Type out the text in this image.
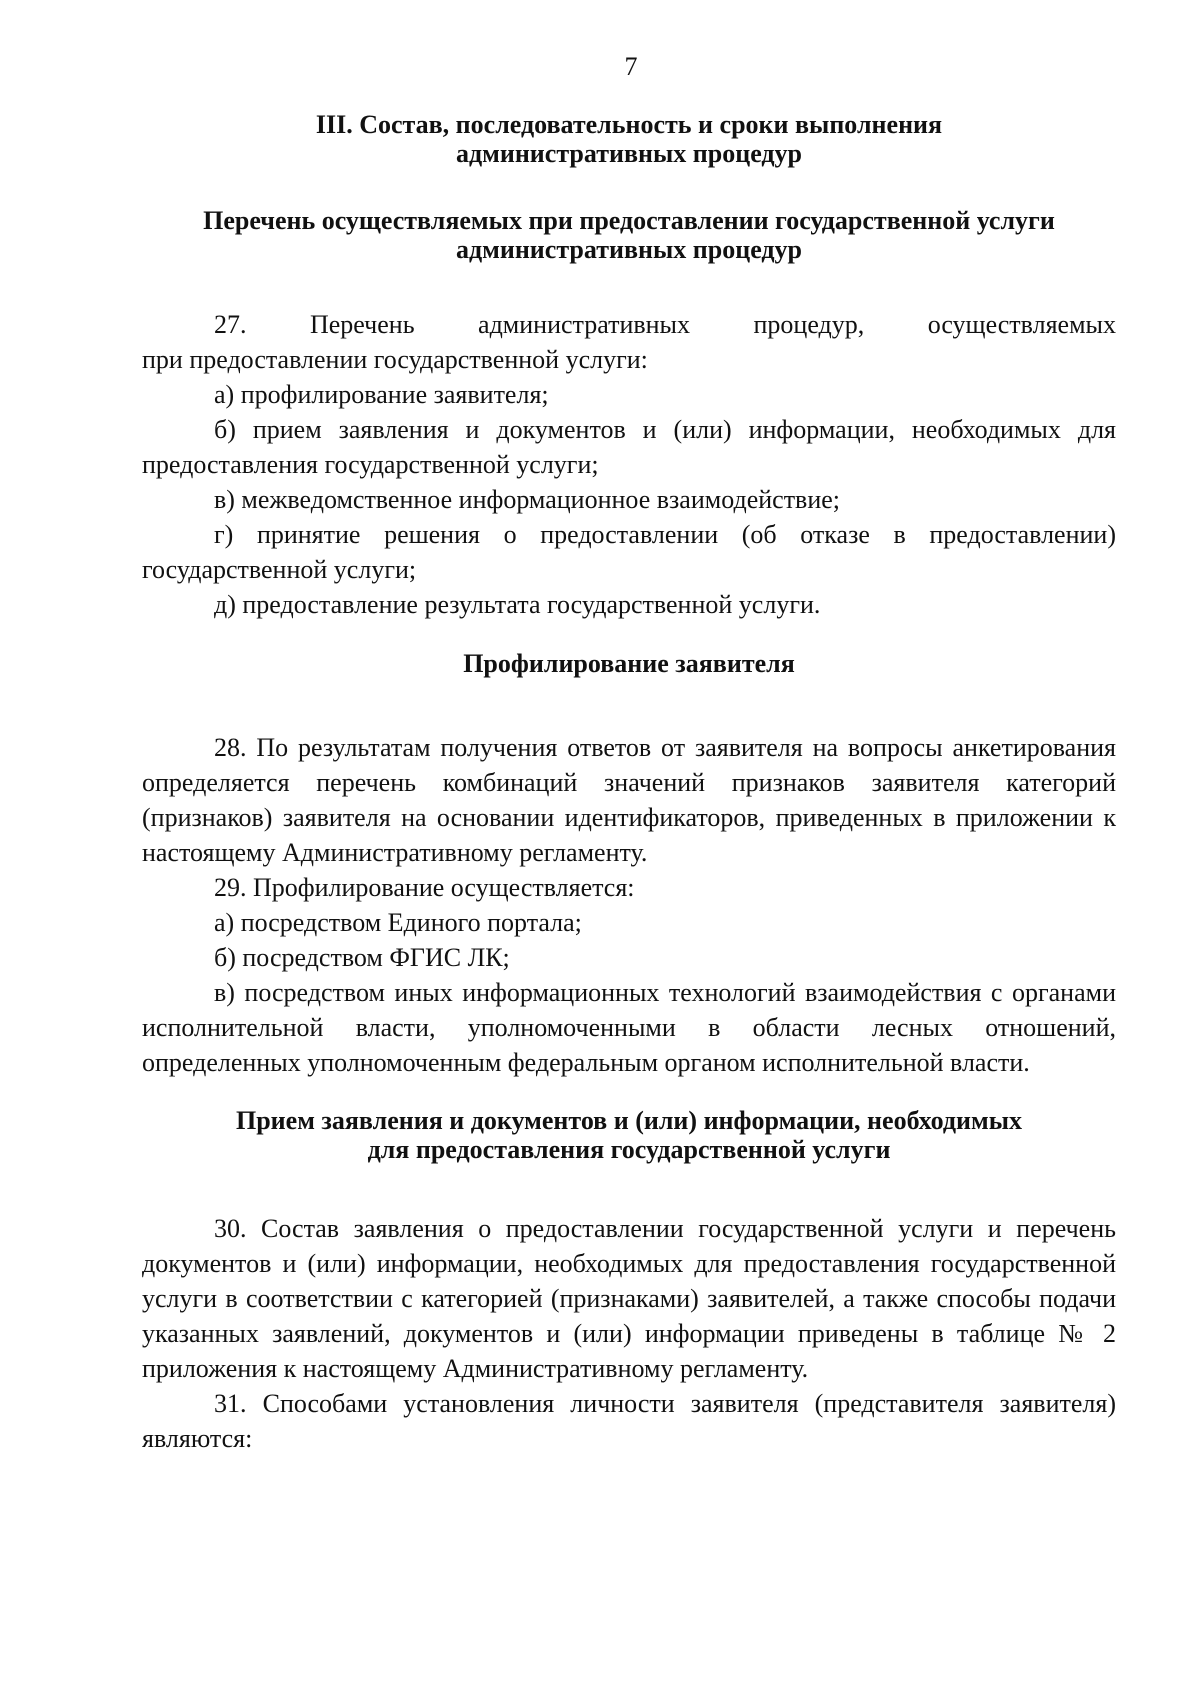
7
III. Состав, последовательность и сроки выполнения
административных процедур
Перечень осуществляемых при предоставлении государственной услуги
административных процедур

27. Перечень административных процедур, осуществляемых

при предоставлении государственной услуги:

а) профилирование заявителя;

б) прием заявления и документов и (или) информации, необходимых для предоставления государственной услуги;

в) межведомственное информационное взаимодействие;

г) принятие решения о предоставлении (об отказе в предоставлении) государственной услуги;

д) предоставление результата государственной услуги.

Профилирование заявителя

28. По результатам получения ответов от заявителя на вопросы анкетирования определяется перечень комбинаций значений признаков заявителя категорий (признаков) заявителя на основании идентификаторов, приведенных в приложении к настоящему Административному регламенту.

29. Профилирование осуществляется:

а) посредством Единого портала;

б) посредством ФГИС ЛК;

в) посредством иных информационных технологий взаимодействия с органами исполнительной власти, уполномоченными в области лесных отношений, определенных уполномоченным федеральным органом исполнительной власти.

Прием заявления и документов и (или) информации, необходимых
для предоставления государственной услуги

30. Состав заявления о предоставлении государственной услуги и перечень документов и (или) информации, необходимых для предоставления государственной услуги в соответствии с категорией (признаками) заявителей, а также способы подачи указанных заявлений, документов и (или) информации приведены в таблице № 2 приложения к настоящему Административному регламенту.

31. Способами установления личности заявителя (представителя заявителя) являются:
